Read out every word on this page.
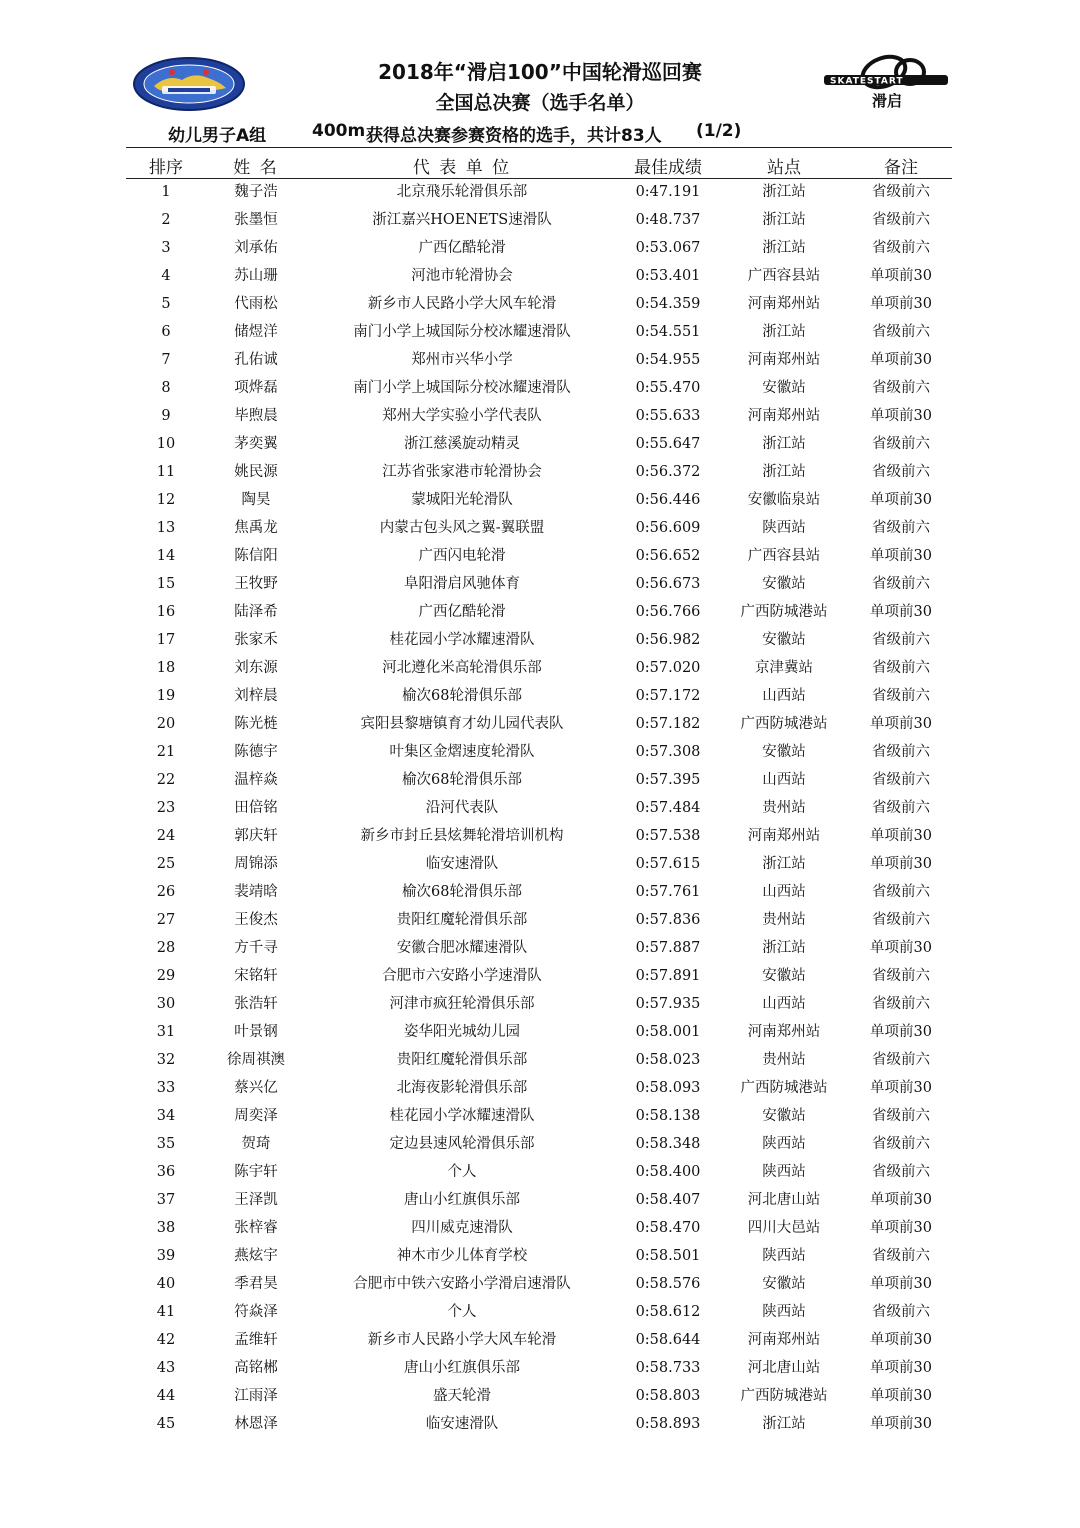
SKATESTART
滑启
2018年“滑启100”中国轮滑巡回赛
全国总决赛（选手名单）
幼儿男子A组	400m 获得总决赛参赛资格的选手，共计83人 (1/2)
排序	姓 名	代 表 单 位	最佳成绩	站点	备注
1	魏子浩	北京飛乐轮滑俱乐部	0:47.191	浙江站	省级前六
2	张墨恒	浙江嘉兴HOENETS速滑队	0:48.737	浙江站	省级前六
3	刘承佑	广西亿酷轮滑	0:53.067	浙江站	省级前六
4	苏山珊	河池市轮滑协会	0:53.401	广西容县站	单项前30
5	代雨松	新乡市人民路小学大风车轮滑	0:54.359	河南郑州站	单项前30
6	储煜洋	南门小学上城国际分校冰耀速滑队	0:54.551	浙江站	省级前六
7	孔佑诚	郑州市兴华小学	0:54.955	河南郑州站	单项前30
8	项烨磊	南门小学上城国际分校冰耀速滑队	0:55.470	安徽站	省级前六
9	毕煦晨	郑州大学实验小学代表队	0:55.633	河南郑州站	单项前30
10	茅奕翼	浙江慈溪旋动精灵	0:55.647	浙江站	省级前六
11	姚民源	江苏省张家港市轮滑协会	0:56.372	浙江站	省级前六
12	陶昊	蒙城阳光轮滑队	0:56.446	安徽临泉站	单项前30
13	焦禹龙	内蒙古包头风之翼-翼联盟	0:56.609	陕西站	省级前六
14	陈信阳	广西闪电轮滑	0:56.652	广西容县站	单项前30
15	王牧野	阜阳滑启风驰体育	0:56.673	安徽站	省级前六
16	陆泽希	广西亿酷轮滑	0:56.766	广西防城港站	单项前30
17	张家禾	桂花园小学冰耀速滑队	0:56.982	安徽站	省级前六
18	刘东源	河北遵化米高轮滑俱乐部	0:57.020	京津冀站	省级前六
19	刘梓晨	榆次68轮滑俱乐部	0:57.172	山西站	省级前六
20	陈光梿	宾阳县黎塘镇育才幼儿园代表队	0:57.182	广西防城港站	单项前30
21	陈德宇	叶集区金熠速度轮滑队	0:57.308	安徽站	省级前六
22	温梓焱	榆次68轮滑俱乐部	0:57.395	山西站	省级前六
23	田倍铭	沿河代表队	0:57.484	贵州站	省级前六
24	郭庆轩	新乡市封丘县炫舞轮滑培训机构	0:57.538	河南郑州站	单项前30
25	周锦添	临安速滑队	0:57.615	浙江站	单项前30
26	裴靖晗	榆次68轮滑俱乐部	0:57.761	山西站	省级前六
27	王俊杰	贵阳红魔轮滑俱乐部	0:57.836	贵州站	省级前六
28	方千寻	安徽合肥冰耀速滑队	0:57.887	浙江站	单项前30
29	宋铭轩	合肥市六安路小学速滑队	0:57.891	安徽站	省级前六
30	张浩轩	河津市疯狂轮滑俱乐部	0:57.935	山西站	省级前六
31	叶景钢	姿华阳光城幼儿园	0:58.001	河南郑州站	单项前30
32	徐周祺澳	贵阳红魔轮滑俱乐部	0:58.023	贵州站	省级前六
33	蔡兴亿	北海夜影轮滑俱乐部	0:58.093	广西防城港站	单项前30
34	周奕泽	桂花园小学冰耀速滑队	0:58.138	安徽站	省级前六
35	贺琦	定边县速风轮滑俱乐部	0:58.348	陕西站	省级前六
36	陈宇轩	个人	0:58.400	陕西站	省级前六
37	王泽凯	唐山小红旗俱乐部	0:58.407	河北唐山站	单项前30
38	张梓睿	四川威克速滑队	0:58.470	四川大邑站	单项前30
39	燕炫宇	神木市少儿体育学校	0:58.501	陕西站	省级前六
40	季君昊	合肥市中铁六安路小学滑启速滑队	0:58.576	安徽站	单项前30
41	符焱泽	个人	0:58.612	陕西站	省级前六
42	孟维轩	新乡市人民路小学大风车轮滑	0:58.644	河南郑州站	单项前30
43	高铭郴	唐山小红旗俱乐部	0:58.733	河北唐山站	单项前30
44	江雨泽	盛天轮滑	0:58.803	广西防城港站	单项前30
45	林恩泽	临安速滑队	0:58.893	浙江站	单项前30
